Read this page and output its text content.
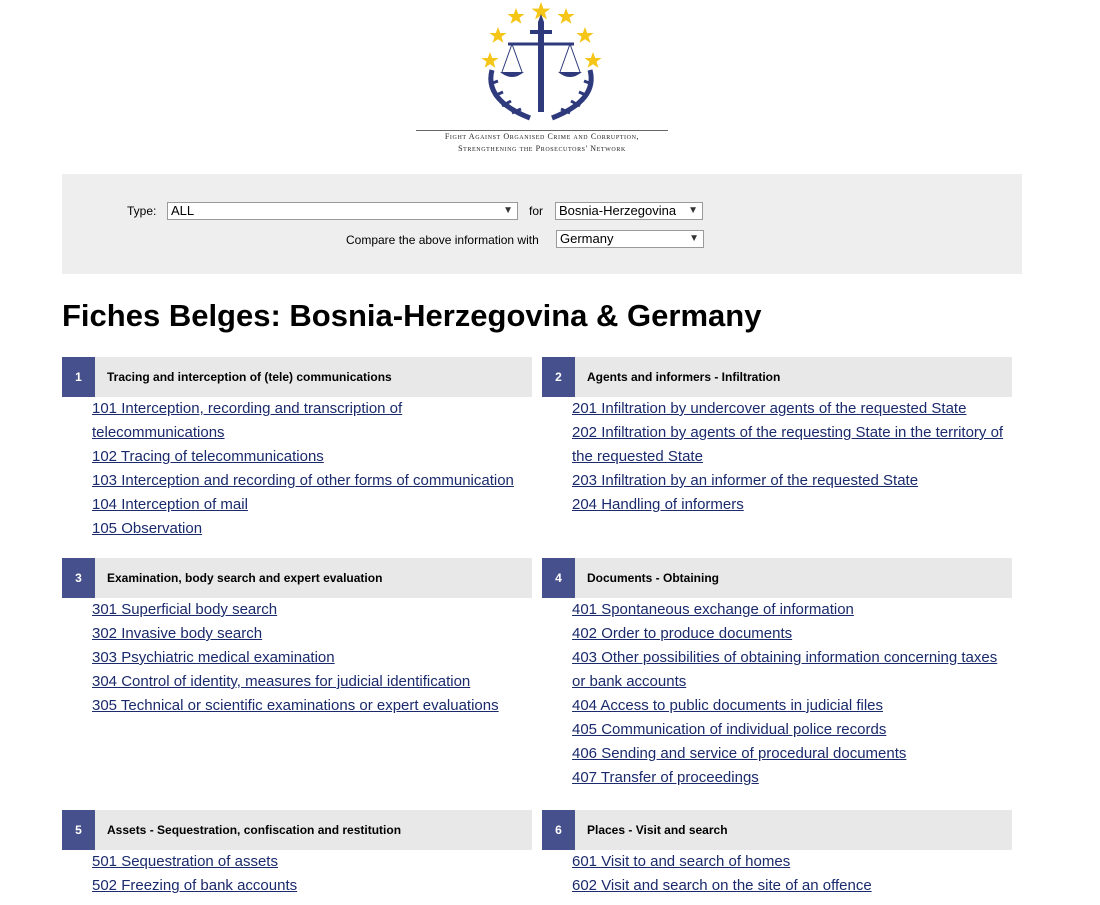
Fight Against Organised Crime and Corruption,
Strengthening the Prosecutors' Network
Type:	ALL	▼ for	Bosnia-Herzegovina ▼
Compare the above information with	Germany	▼
Fiches Belges: Bosnia-Herzegovina & Germany
1	Tracing and interception of (tele) communications
101 Interception, recording and transcription of telecommunications
102 Tracing of telecommunications
103 Interception and recording of other forms of communication
104 Interception of mail
105 Observation
2	Agents and informers - Infiltration
201 Infiltration by undercover agents of the requested State
202 Infiltration by agents of the requesting State in the territory of the requested State
203 Infiltration by an informer of the requested State
204 Handling of informers
3	Examination, body search and expert evaluation
301 Superficial body search
302 Invasive body search
303 Psychiatric medical examination
304 Control of identity, measures for judicial identification
305 Technical or scientific examinations or expert evaluations
4	Documents - Obtaining
401 Spontaneous exchange of information
402 Order to produce documents
403 Other possibilities of obtaining information concerning taxes or bank accounts
404 Access to public documents in judicial files
405 Communication of individual police records
406 Sending and service of procedural documents
407 Transfer of proceedings
5	Assets - Sequestration, confiscation and restitution
501 Sequestration of assets
502 Freezing of bank accounts
6	Places - Visit and search
601 Visit to and search of homes
602 Visit and search on the site of an offence
